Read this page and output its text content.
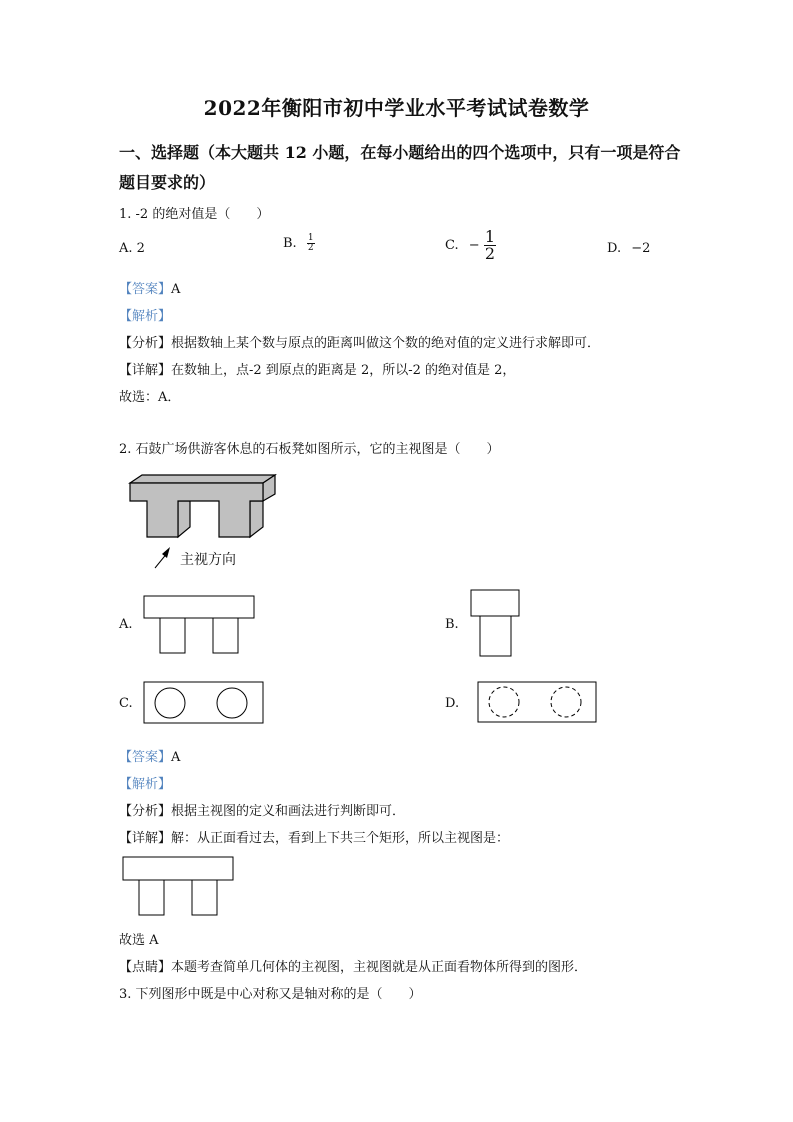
2022年衡阳市初中学业水平考试试卷数学
一、选择题（本大题共 12 小题，在每小题给出的四个选项中，只有一项是符合
题目要求的）
1. -2 的绝对值是（　　）
A. 2	B. $\frac{1}{2}$	C. − $\frac{1}{2}$	D. −2
【答案】A
【解析】
【分析】根据数轴上某个数与原点的距离叫做这个数的绝对值的定义进行求解即可．
【详解】在数轴上，点-2 到原点的距离是 2，所以-2 的绝对值是 2，
故选：A．
2. 石鼓广场供游客休息的石板凳如图所示，它的主视图是（　　）
主视方向
A.	B.
C.	D.
【答案】A
【解析】
【分析】根据主视图的定义和画法进行判断即可．
【详解】解：从正面看过去，看到上下共三个矩形，所以主视图是：
故选 A
【点睛】本题考查简单几何体的主视图，主视图就是从正面看物体所得到的图形．
3. 下列图形中既是中心对称又是轴对称的是（　　）
